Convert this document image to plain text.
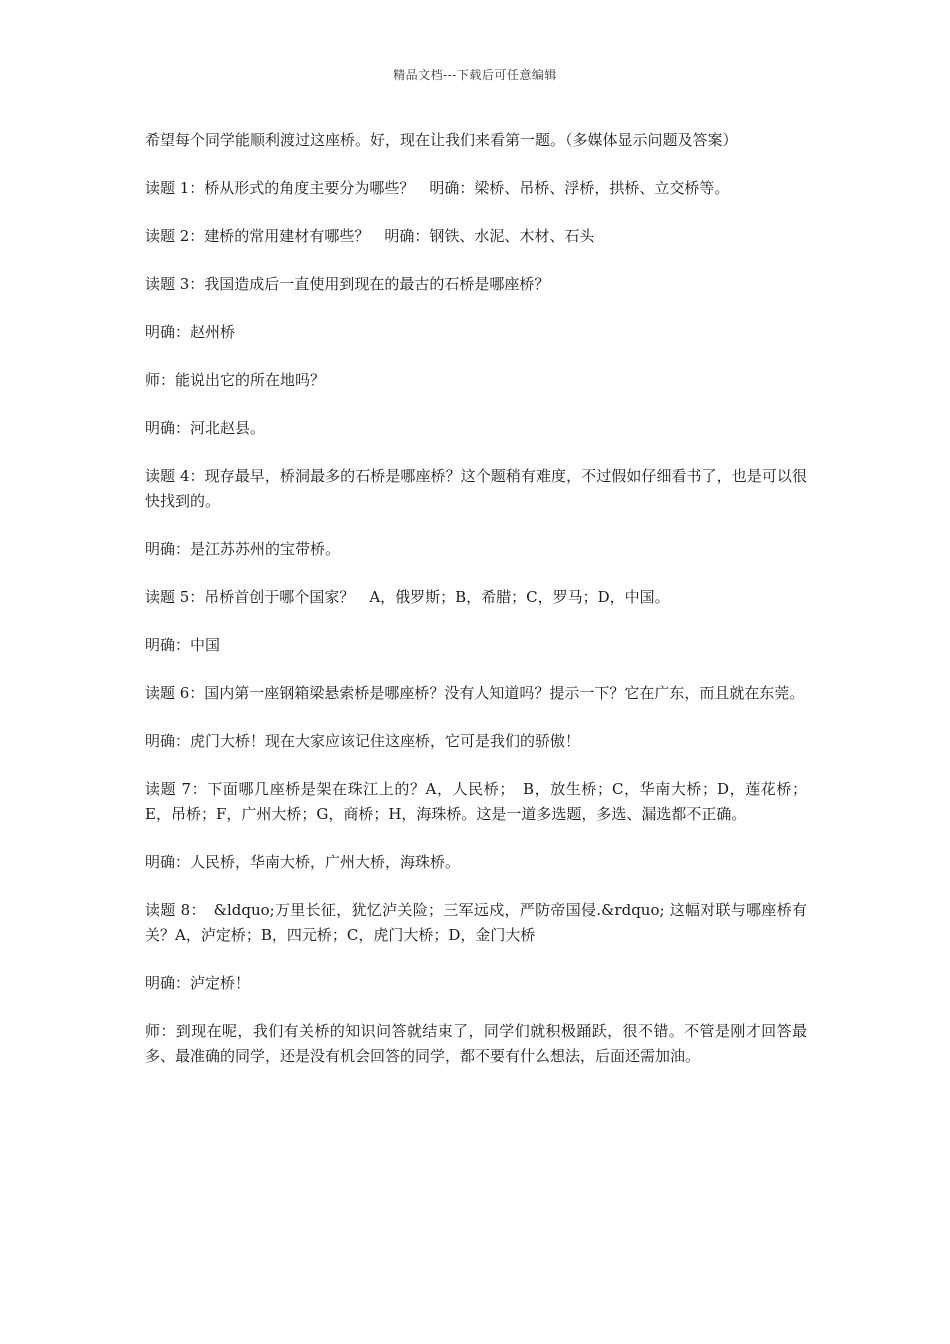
精品文档---下载后可任意编辑

希望每个同学能顺利渡过这座桥。好，现在让我们来看第一题。（多媒体显示问题及答案）

读题 1：桥从形式的角度主要分为哪些？　明确：梁桥、吊桥、浮桥，拱桥、立交桥等。

读题 2：建桥的常用建材有哪些？　明确：钢铁、水泥、木材、石头

读题 3：我国造成后一直使用到现在的最古的石桥是哪座桥？

明确：赵州桥

师：能说出它的所在地吗？

明确：河北赵县。

读题 4：现存最早，桥洞最多的石桥是哪座桥？这个题稍有难度，不过假如仔细看书了，也是可以很快找到的。

明确：是江苏苏州的宝带桥。

读题 5：吊桥首创于哪个国家？　A，俄罗斯；B，希腊；C，罗马；D，中国。

明确：中国

读题 6：国内第一座钢箱梁悬索桥是哪座桥？没有人知道吗？提示一下？它在广东，而且就在东莞。

明确：虎门大桥！现在大家应该记住这座桥，它可是我们的骄傲！

读题 7：下面哪几座桥是架在珠江上的？A，人民桥；　B，放生桥；C，华南大桥；D，莲花桥；E，吊桥；F，广州大桥；G，商桥；H，海珠桥。这是一道多选题，多选、漏选都不正确。

明确：人民桥，华南大桥，广州大桥，海珠桥。

读题 8：　&ldquo;万里长征，犹忆泸关险；三军远戍，严防帝国侵.&rdquo; 这幅对联与哪座桥有关？A，泸定桥；B，四元桥；C，虎门大桥；D，金门大桥

明确：泸定桥！

师：到现在呢，我们有关桥的知识问答就结束了，同学们就积极踊跃，很不错。不管是刚才回答最多、最准确的同学，还是没有机会回答的同学，都不要有什么想法，后面还需加油。
